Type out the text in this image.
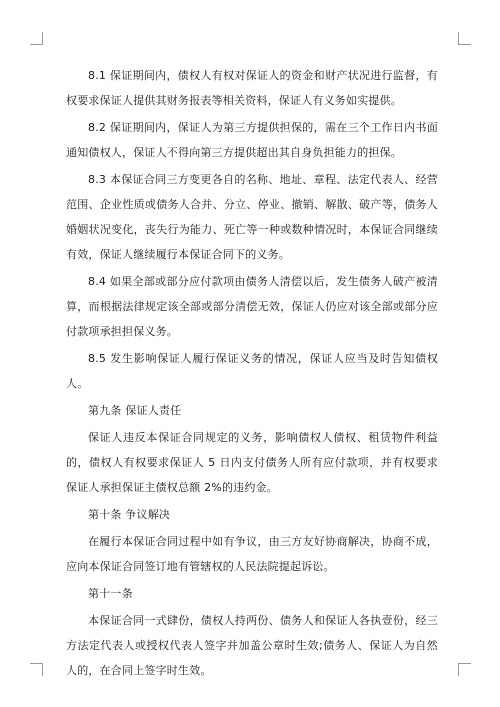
8.1 保证期间内，债权人有权对保证人的资金和财产状况进行监督，有权要求保证人提供其财务报表等相关资料，保证人有义务如实提供。

8.2 保证期间内，保证人为第三方提供担保的，需在三个工作日内书面通知债权人，保证人不得向第三方提供超出其自身负担能力的担保。

8.3 本保证合同三方变更各自的名称、地址、章程、法定代表人、经营范围、企业性质或债务人合并、分立、停业、撤销、解散、破产等，债务人婚姻状况变化，丧失行为能力、死亡等一种或数种情况时，本保证合同继续有效，保证人继续履行本保证合同下的义务。

8.4 如果全部或部分应付款项由债务人清偿以后，发生债务人破产被清算，而根据法律规定该全部或部分清偿无效，保证人仍应对该全部或部分应付款项承担担保义务。

8.5 发生影响保证人履行保证义务的情况，保证人应当及时告知债权人。

第九条 保证人责任

保证人违反本保证合同规定的义务，影响债权人债权、租赁物件利益的，债权人有权要求保证人 5 日内支付债务人所有应付款项，并有权要求保证人承担保证主债权总额 2%的违约金。

第十条 争议解决

在履行本保证合同过程中如有争议，由三方友好协商解决，协商不成，应向本保证合同签订地有管辖权的人民法院提起诉讼。

第十一条

本保证合同一式肆份，债权人持两份、债务人和保证人各执壹份，经三方法定代表人或授权代表人签字并加盖公章时生效;债务人、保证人为自然人的，在合同上签字时生效。
